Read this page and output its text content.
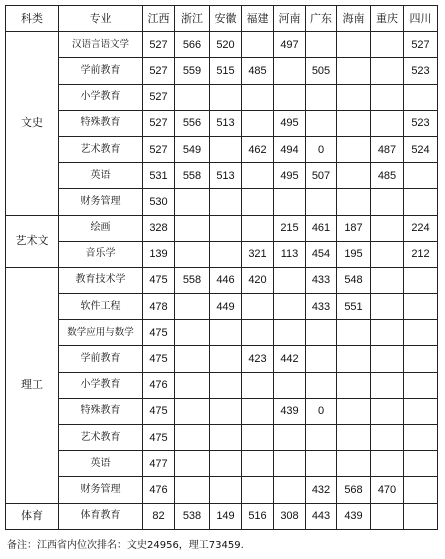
科类	专业	江西	浙江	安徽	福建	河南	广东	海南	重庆	四川
文史	汉语言语文学	527	566	520		497				527
	学前教育	527	559	515	485		505			523
	小学教育	527								
	特殊教育	527	556	513		495				523
	艺术教育	527	549		462	494	0		487	524
	英语	531	558	513		495	507		485	
	财务管理	530								
艺术文	绘画	328				215	461	187		224
	音乐学	139			321	113	454	195		212
理工	教育技术学	475	558	446	420		433	548		
	软件工程	478		449			433	551		
	数学应用与数学	475								
	学前教育	475			423	442				
	小学教育	476								
	特殊教育	475				439	0			
	艺术教育	475								
	英语	477								
	财务管理	476					432	568	470	
体育	体育教育	82	538	149	516	308	443	439		
备注：江西省内位次排名：文史24956，理工73459.
